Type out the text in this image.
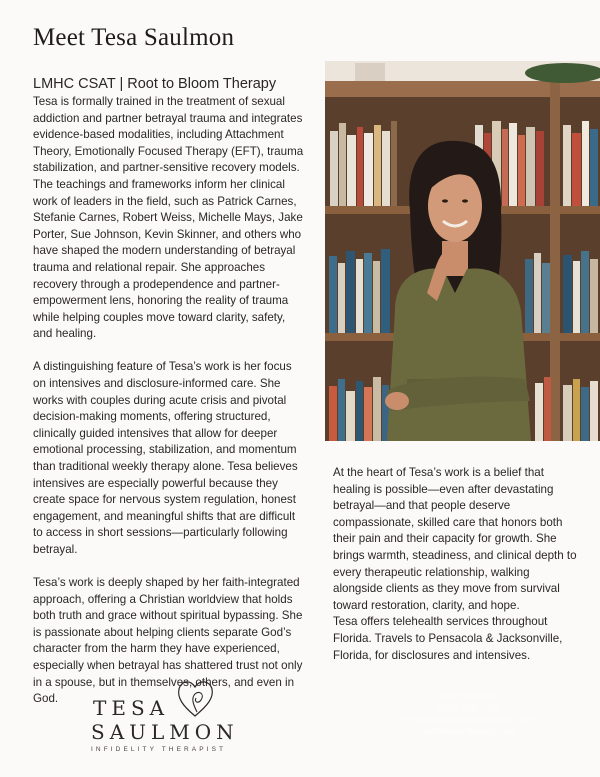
Meet Tesa Saulmon
LMHC CSAT | Root to Bloom Therapy

Tesa is formally trained in the treatment of sexual addiction and partner betrayal trauma and integrates evidence-based modalities, including Attachment Theory, Emotionally Focused Therapy (EFT), trauma stabilization, and partner-sensitive recovery models. The teachings and frameworks inform her clinical work of leaders in the field, such as Patrick Carnes, Stefanie Carnes, Robert Weiss, Michelle Mays, Jake Porter, Sue Johnson, Kevin Skinner, and others who have shaped the modern understanding of betrayal trauma and relational repair. She approaches recovery through a prodependence and partner-empowerment lens, honoring the reality of trauma while helping couples move toward clarity, safety, and healing.

A distinguishing feature of Tesa’s work is her focus on intensives and disclosure-informed care. She works with couples during acute crisis and pivotal decision-making moments, offering structured, clinically guided intensives that allow for deeper emotional processing, stabilization, and momentum than traditional weekly therapy alone. Tesa believes intensives are especially powerful because they create space for nervous system regulation, honest engagement, and meaningful shifts that are difficult to access in short sessions—particularly following betrayal.

Tesa’s work is deeply shaped by her faith-integrated approach, offering a Christian worldview that holds both truth and grace without spiritual bypassing. She is passionate about helping clients separate God’s character from the harm they have experienced, especially when betrayal has shattered trust not only in a spouse, but in themselves, others, and even in God.

At the heart of Tesa’s work is a belief that healing is possible—even after devastating betrayal—and that people deserve compassionate, skilled care that honors both their pain and their capacity for growth. She brings warmth, steadiness, and clinical depth to every therapeutic relationship, walking alongside clients as they move from survival toward restoration, clarity, and hope.
Tesa offers telehealth services throughout Florida. Travels to Pensacola & Jacksonville, Florida, for disclosures and intensives.
TESA
SAULMON
INFIDELITY THERAPIST
Tesa Saulmon
(850) 308-7993
tesa@roottobloomtherapy.com
roottobloomtherapy.com
